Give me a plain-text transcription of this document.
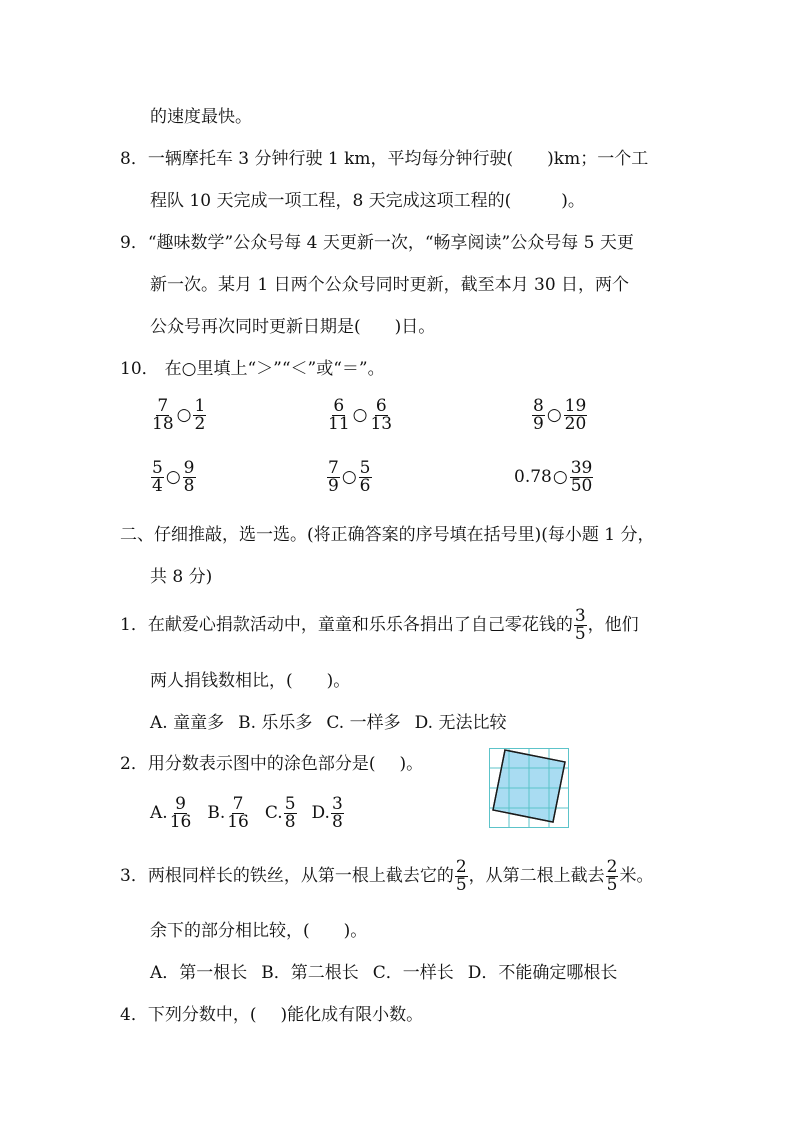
的速度最快。
8．一辆摩托车 3 分钟行驶 1 km，平均每分钟行驶( )km；一个工
程队 10 天完成一项工程，8 天完成这项工程的(	)。
9．“趣味数学”公众号每 4 天更新一次，“畅享阅读”公众号每 5 天更
新一次。某月 1 日两个公众号同时更新，截至本月 30 日，两个
公众号再次同时更新日期是( )日。
10． 在○里填上“＞”“＜”或“＝”。
$\frac{7}{18}$ ○ $\frac{1}{2}$	$\frac{6}{11}$ ○ $\frac{6}{13}$	$\frac{8}{9}$ ○ $\frac{19}{20}$
$\frac{5}{4}$ ○ $\frac{9}{8}$	$\frac{7}{9}$ ○ $\frac{5}{6}$	0.78○ $\frac{39}{50}$
二、仔细推敲，选一选。(将正确答案的序号填在括号里)(每小题 1 分，
共 8 分)
1．在献爱心捐款活动中，童童和乐乐各捐出了自己零花钱的 $\frac{3}{5}$ ，他们
两人捐钱数相比，( )。
A. 童童多 B. 乐乐多 C. 一样多 D. 无法比较
2．用分数表示图中的涂色部分是( )。
A. $\frac{9}{16} B$. $\frac{7}{16} C$. $\frac{5}{8} D$. $\frac{3}{8}$
3．两根同样长的铁丝，从第一根上截去它的 $\frac{2}{5}$ ，从第二根上截去 $\frac{2}{5}$ 米。
余下的部分相比较，( )。
A．第一根长 B．第二根长 C．一样长 D．不能确定哪根长
4．下列分数中，( )能化成有限小数。
